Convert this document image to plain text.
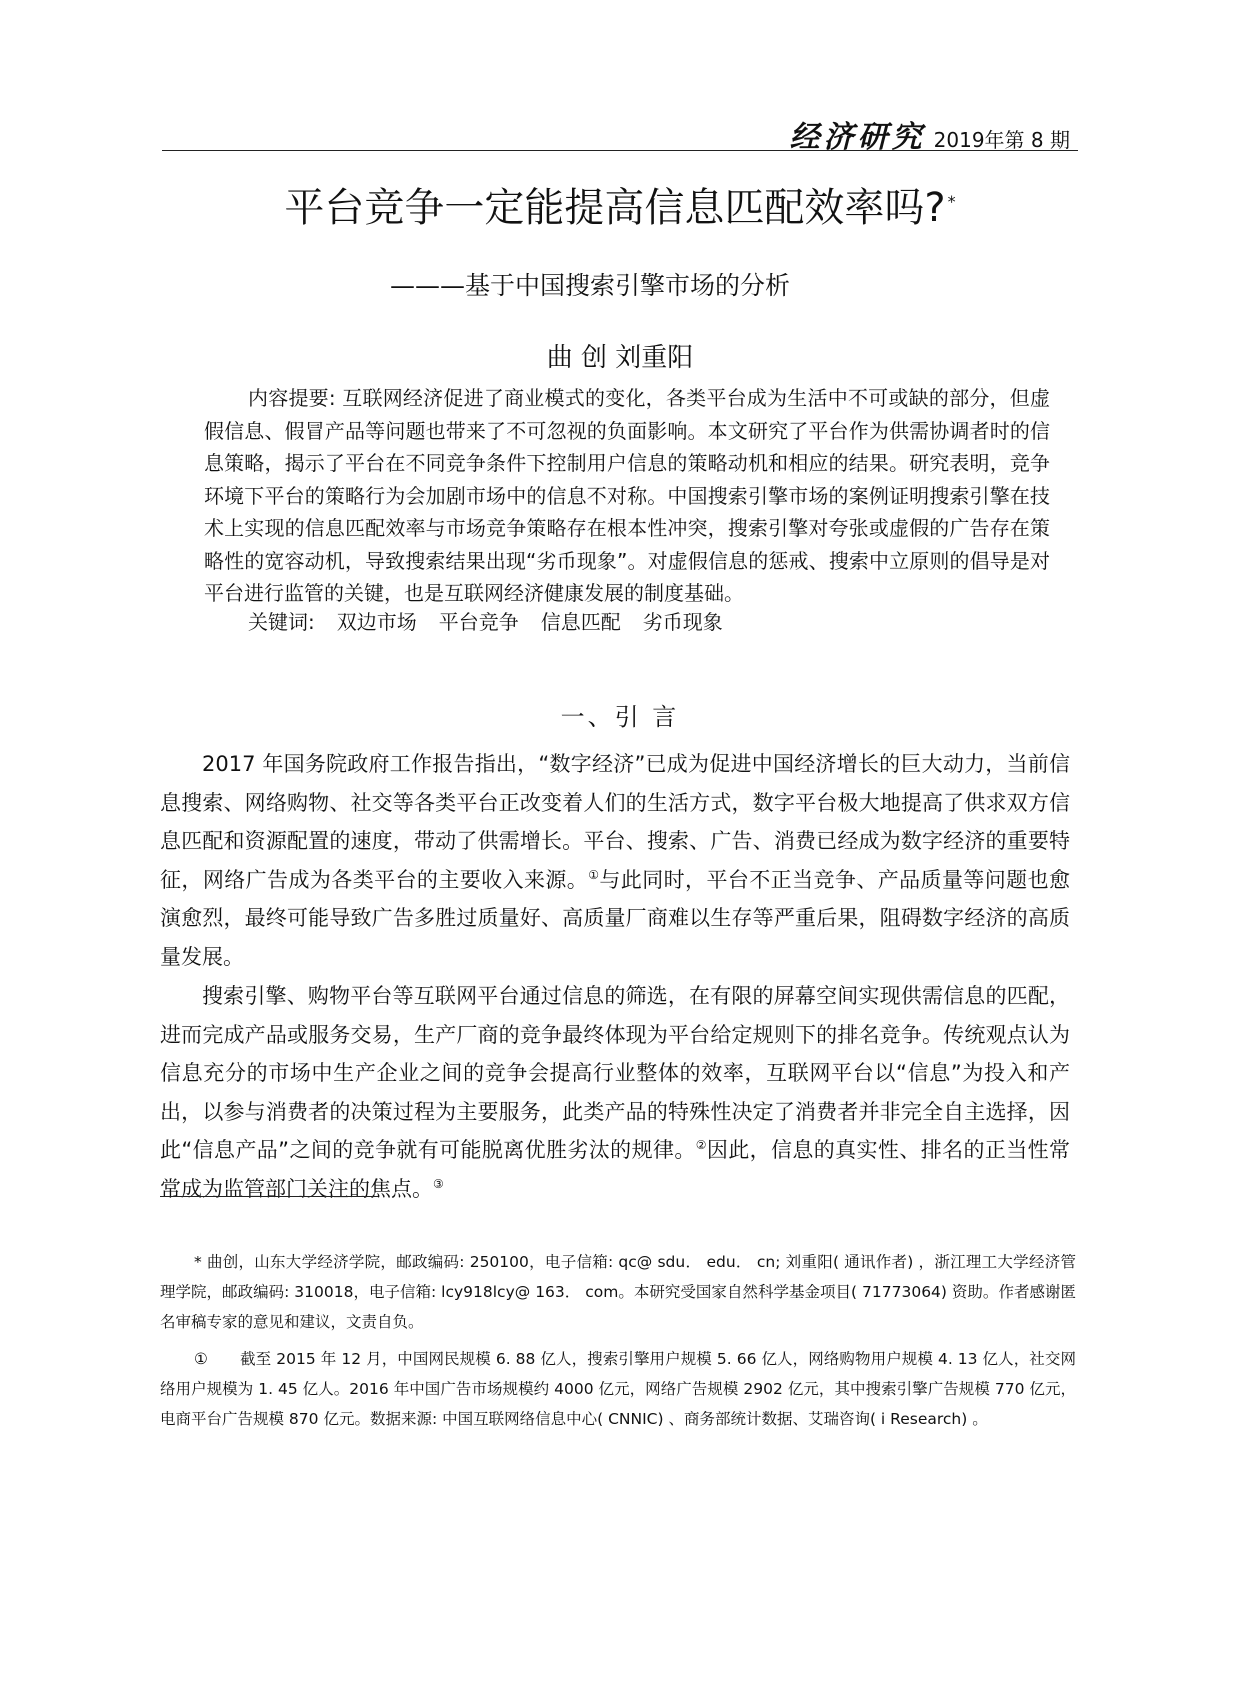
经济研究 2019年第 8 期
平台竞争一定能提高信息匹配效率吗? *
———基于中国搜索引擎市场的分析
曲 创 刘重阳
内容提要: 互联网经济促进了商业模式的变化，各类平台成为生活中不可或缺的部分，但虚假信息、假冒产品等问题也带来了不可忽视的负面影响。本文研究了平台作为供需协调者时的信息策略，揭示了平台在不同竞争条件下控制用户信息的策略动机和相应的结果。研究表明，竞争环境下平台的策略行为会加剧市场中的信息不对称。中国搜索引擎市场的案例证明搜索引擎在技术上实现的信息匹配效率与市场竞争策略存在根本性冲突，搜索引擎对夸张或虚假的广告存在策略性的宽容动机，导致搜索结果出现“劣币现象”。对虚假信息的惩戒、搜索中立原则的倡导是对平台进行监管的关键，也是互联网经济健康发展的制度基础。
关键词: 双边市场 平台竞争 信息匹配 劣币现象
一、引 言
2017 年国务院政府工作报告指出，“数字经济”已成为促进中国经济增长的巨大动力，当前信息搜索、网络购物、社交等各类平台正改变着人们的生活方式，数字平台极大地提高了供求双方信息匹配和资源配置的速度，带动了供需增长。平台、搜索、广告、消费已经成为数字经济的重要特征，网络广告成为各类平台的主要收入来源。①与此同时，平台不正当竞争、产品质量等问题也愈演愈烈，最终可能导致广告多胜过质量好、高质量厂商难以生存等严重后果，阻碍数字经济的高质量发展。
搜索引擎、购物平台等互联网平台通过信息的筛选，在有限的屏幕空间实现供需信息的匹配，进而完成产品或服务交易，生产厂商的竞争最终体现为平台给定规则下的排名竞争。传统观点认为信息充分的市场中生产企业之间的竞争会提高行业整体的效率，互联网平台以“信息”为投入和产出，以参与消费者的决策过程为主要服务，此类产品的特殊性决定了消费者并非完全自主选择，因此“信息产品”之间的竞争就有可能脱离优胜劣汰的规律。②因此，信息的真实性、排名的正当性常常成为监管部门关注的焦点。③
* 曲创，山东大学经济学院，邮政编码: 250100，电子信箱: qc@ sdu． edu． cn; 刘重阳( 通讯作者) ，浙江理工大学经济管理学院，邮政编码: 310018，电子信箱: lcy918lcy@ 163． com。本研究受国家自然科学基金项目( 71773064) 资助。作者感谢匿名审稿专家的意见和建议，文责自负。
① 截至 2015 年 12 月，中国网民规模 6. 88 亿人，搜索引擎用户规模 5. 66 亿人，网络购物用户规模 4. 13 亿人，社交网络用户规模为 1. 45 亿人。2016 年中国广告市场规模约 4000 亿元，网络广告规模 2902 亿元，其中搜索引擎广告规模 770 亿元，电商平台广告规模 870 亿元。数据来源: 中国互联网络信息中心( CNNIC) 、商务部统计数据、艾瑞咨询( i Research) 。
